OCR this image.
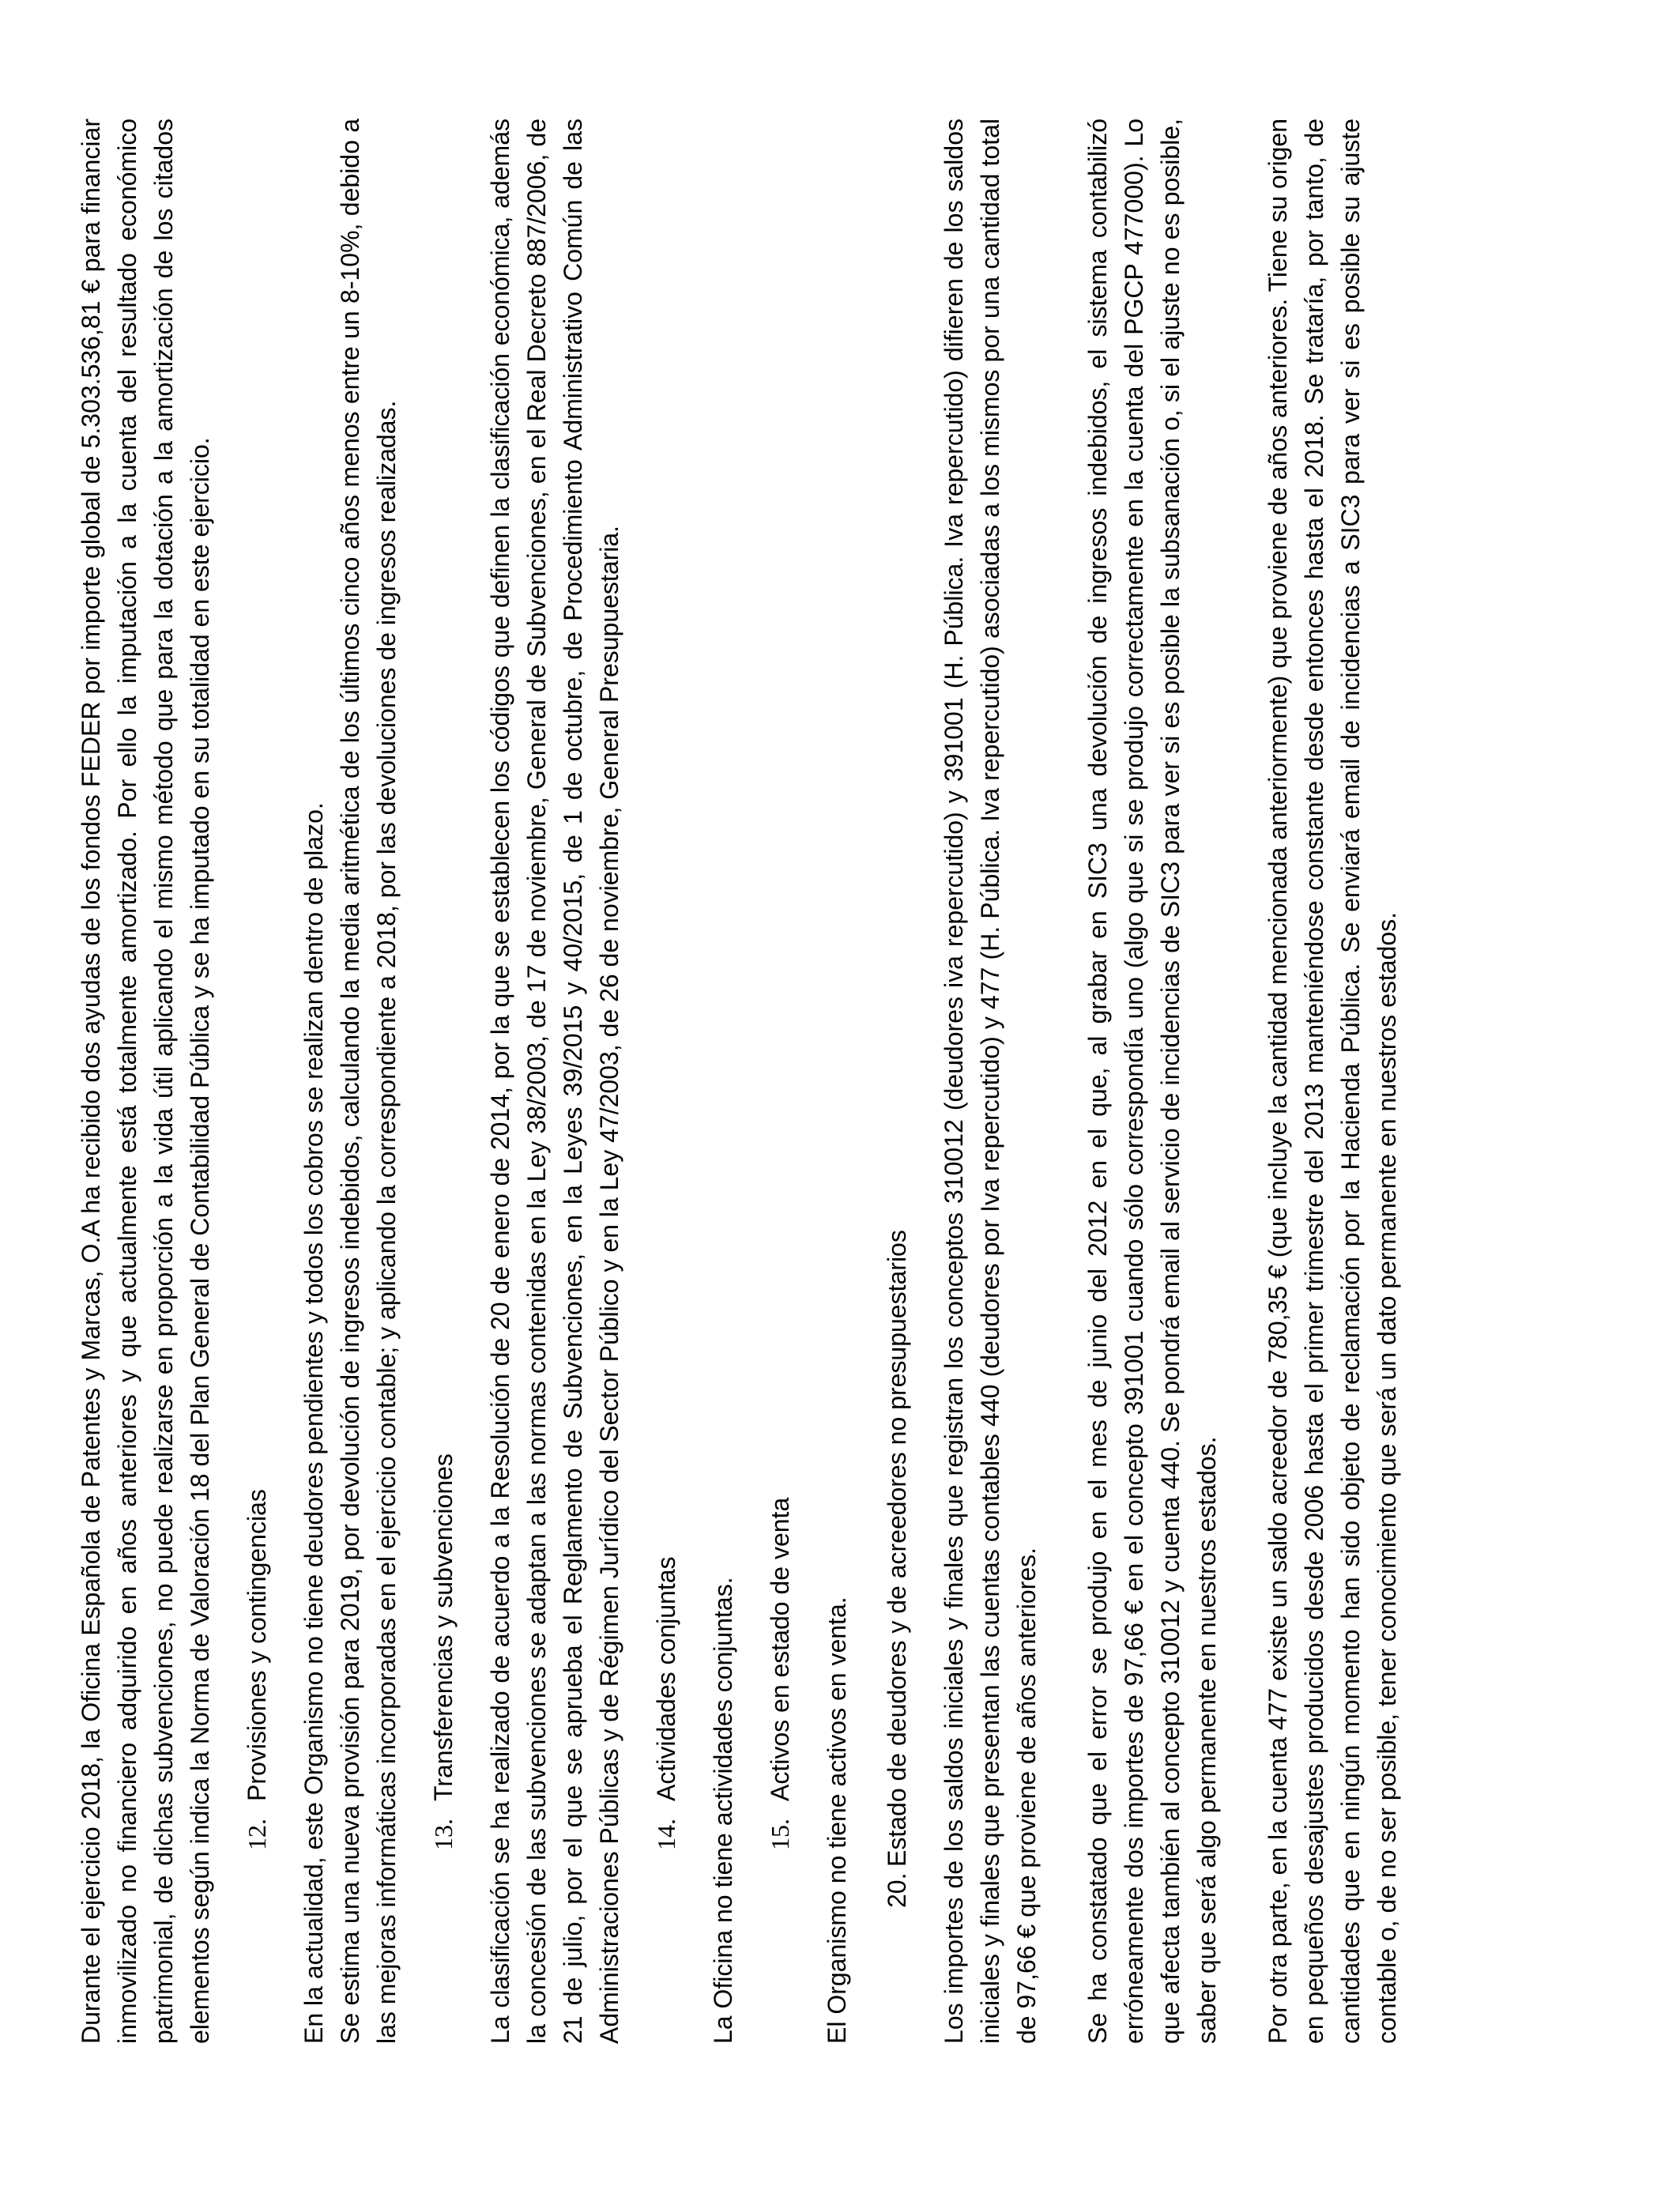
Durante el ejercicio 2018, la Oficina Española de Patentes y Marcas, O.A ha recibido dos ayudas de los fondos FEDER por importe global de 5.303.536,81 € para financiar inmovilizado no financiero adquirido en años anteriores y que actualmente está totalmente amortizado. Por ello la imputación a la cuenta del resultado económico patrimonial, de dichas subvenciones, no puede realizarse en proporción a la vida útil aplicando el mismo método que para la dotación a la amortización de los citados elementos según indica la Norma de Valoración 18 del Plan General de Contabilidad Pública y se ha imputado en su totalidad en este ejercicio. 12.
Provisiones y contingencias En la actualidad, este Organismo no tiene deudores pendientes y todos los cobros se realizan dentro de plazo. Se estima una nueva provisión para 2019, por devolución de ingresos indebidos, calculando la media aritmética de los últimos cinco años menos entre un 8-10%, debido a las mejoras informáticas incorporadas en el ejercicio contable; y aplicando la correspondiente a 2018, por las devoluciones de ingresos realizadas. 13.
Transferencias y subvenciones La clasificación se ha realizado de acuerdo a la Resolución de 20 de enero de 2014, por la que se establecen los códigos que definen la clasificación económica, además la concesión de las subvenciones se adaptan a las normas contenidas en la Ley 38/2003, de 17 de noviembre, General de Subvenciones, en el Real Decreto 887/2006, de 21 de julio, por el que se aprueba el Reglamento de Subvenciones, en la Leyes 39/2015 y 40/2015, de 1 de octubre, de Procedimiento Administrativo Común de las Administraciones Públicas y de Régimen Jurídico del Sector Público y en la Ley 47/2003, de 26 de noviembre, General Presupuestaria. 14.
Actividades conjuntas La Oficina no tiene actividades conjuntas. 15.
Activos en estado de venta El Organismo no tiene activos en venta. 20.
Estado de deudores y de acreedores no presupuestarios Los importes de los saldos iniciales y finales que registran los conceptos 310012 (deudores iva repercutido) y 391001 (H. Pública. Iva repercutido) difieren de los saldos iniciales y finales que presentan las cuentas contables 440 (deudores por Iva repercutido) y 477 (H. Pública. Iva repercutido) asociadas a los mismos por una cantidad total de 97,66 € que proviene de años anteriores. Se ha constatado que el error se produjo en el mes de junio del 2012 en el que, al grabar en SIC3 una devolución de ingresos indebidos, el sistema contabilizó erróneamente dos importes de 97,66 € en el concepto 391001 cuando sólo correspondía uno (algo que si se produjo correctamente en la cuenta del PGCP 477000). Lo que afecta también al concepto 310012 y cuenta 440. Se pondrá email al servicio de incidencias de SIC3 para ver si es posible la subsanación o, si el ajuste no es posible, saber que será algo permanente en nuestros estados. Por otra parte, en la cuenta 477 existe un saldo acreedor de 780,35 € (que incluye la cantidad mencionada anteriormente) que proviene de años anteriores. Tiene su origen en pequeños desajustes producidos desde 2006 hasta el primer trimestre del 2013 manteniéndose constante desde entonces hasta el 2018. Se trataría, por tanto, de cantidades que en ningún momento han sido objeto de reclamación por la Hacienda Pública. Se enviará email de incidencias a SIC3 para ver si es posible su ajuste contable o, de no ser posible, tener conocimiento que será un dato permanente en nuestros estados.
